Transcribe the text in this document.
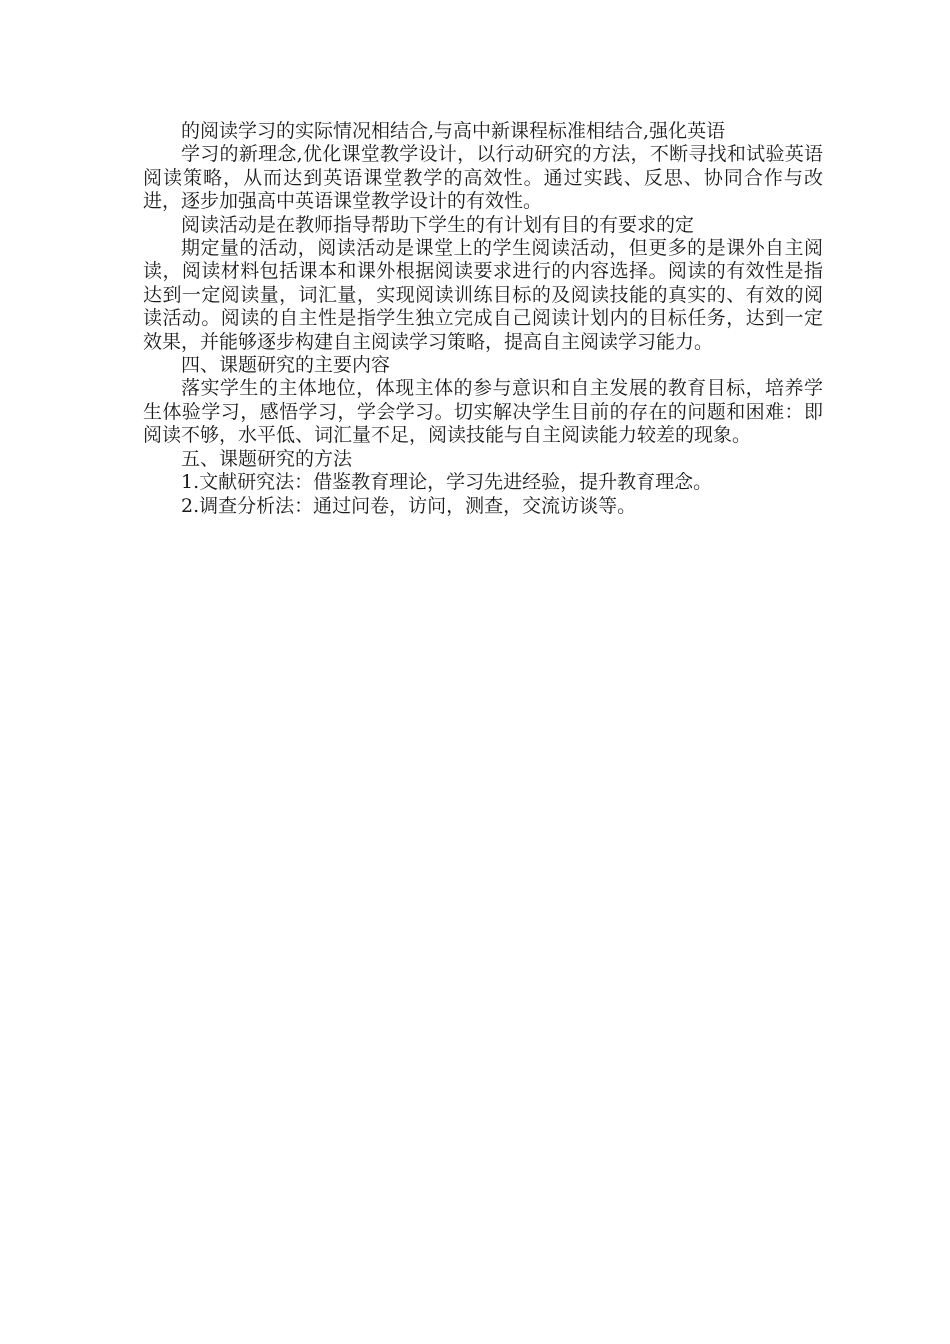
的阅读学习的实际情况相结合,与高中新课程标准相结合,强化英语

学习的新理念,优化课堂教学设计，以行动研究的方法，不断寻找和试验英语阅读策略，从而达到英语课堂教学的高效性。通过实践、反思、协同合作与改进，逐步加强高中英语课堂教学设计的有效性。

阅读活动是在教师指导帮助下学生的有计划有目的有要求的定

期定量的活动，阅读活动是课堂上的学生阅读活动，但更多的是课外自主阅读，阅读材料包括课本和课外根据阅读要求进行的内容选择。阅读的有效性是指达到一定阅读量，词汇量，实现阅读训练目标的及阅读技能的真实的、有效的阅读活动。阅读的自主性是指学生独立完成自己阅读计划内的目标任务，达到一定效果，并能够逐步构建自主阅读学习策略，提高自主阅读学习能力。

四、课题研究的主要内容

落实学生的主体地位，体现主体的参与意识和自主发展的教育目标，培养学生体验学习，感悟学习，学会学习。切实解决学生目前的存在的问题和困难：即阅读不够，水平低、词汇量不足，阅读技能与自主阅读能力较差的现象。

五、课题研究的方法

1.文献研究法：借鉴教育理论，学习先进经验，提升教育理念。

2.调查分析法：通过问卷，访问，测查，交流访谈等。
